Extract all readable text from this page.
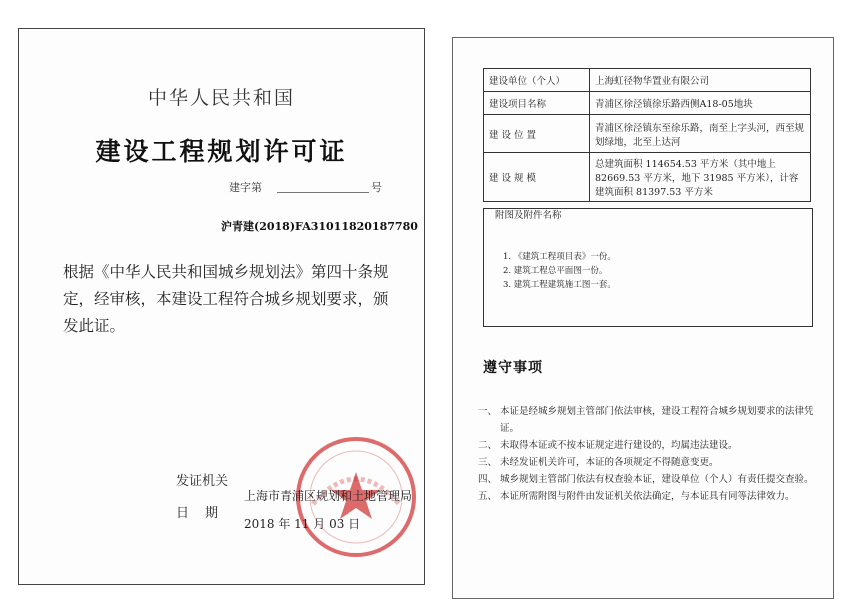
中华人民共和国
建设工程规划许可证
建字第	号
沪青建(2018)FA31011820187780
根据《中华人民共和国城乡规划法》第四十条规定，经审核，本建设工程符合城乡规划要求，颁发此证。
发证机关
上海市青浦区规划和土地管理局
日期
2018 年 11 月 03 日
建设单位（个人）	上海虹径物华置业有限公司
建设项目名称	青浦区徐泾镇徐乐路西侧A18-05地块
建 设 位 置	青浦区徐泾镇东至徐乐路，南至上字头河，西至规划绿地，北至上达河
建 设 规 模	总建筑面积 114654.53 平方米（其中地上 82669.53 平方米，地下 31985 平方米），计容建筑面积 81397.53 平方米
附图及附件名称
1. 《建筑工程项目表》一份。
2. 建筑工程总平面图一份。
3. 建筑工程建筑施工图一套。
遵守事项
一、 本证是经城乡规划主管部门依法审核，建设工程符合城乡规划要求的法律凭证。
二、 未取得本证或不按本证规定进行建设的，均属违法建设。
三、 未经发证机关许可，本证的各项规定不得随意变更。
四、 城乡规划主管部门依法有权查验本证，建设单位（个人）有责任提交查验。
五、 本证所需附图与附件由发证机关依法确定，与本证具有同等法律效力。
